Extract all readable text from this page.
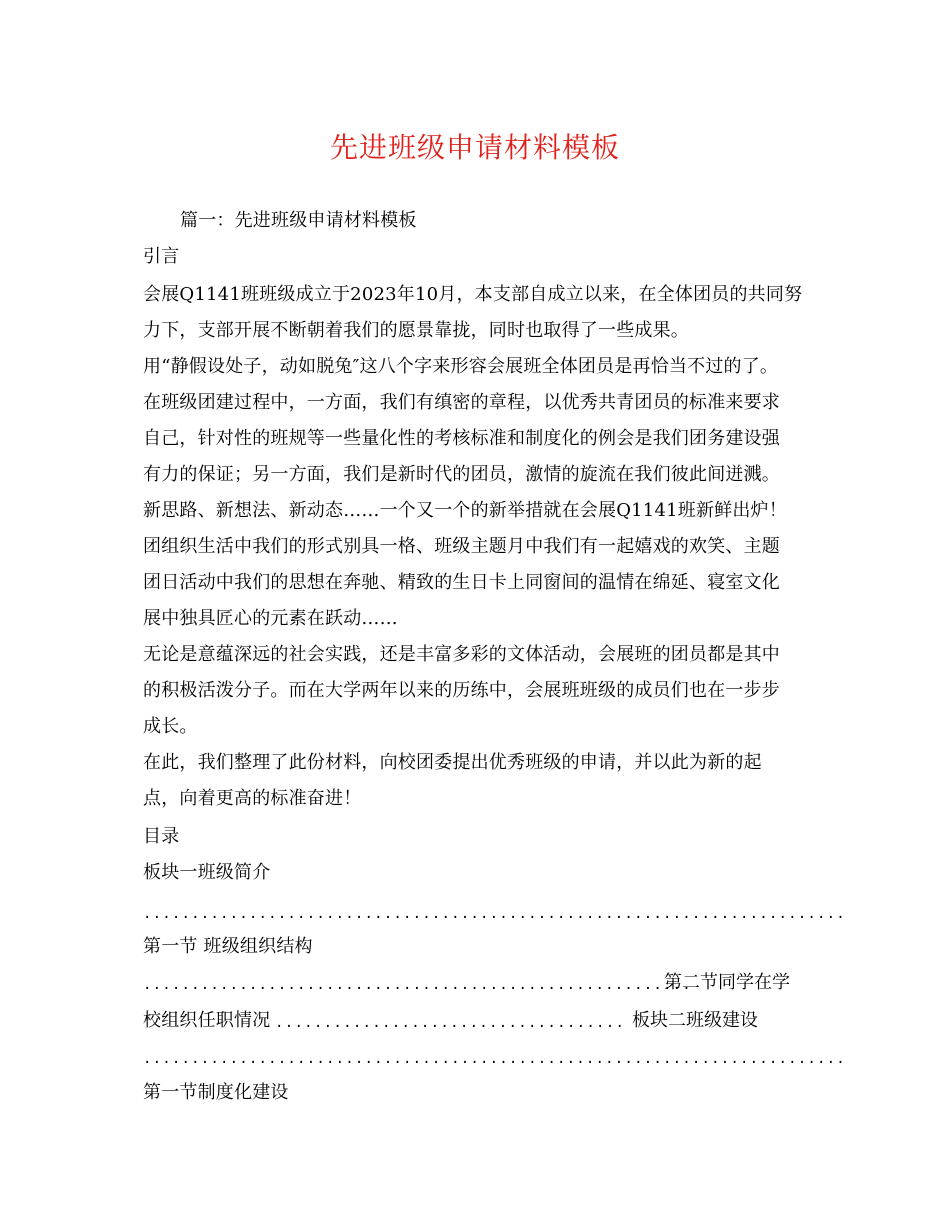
先进班级申请材料模板
篇一：先进班级申请材料模板
引言
会展Q1141班班级成立于2023年10月，本支部自成立以来，在全体团员的共同努
力下，支部开展不断朝着我们的愿景靠拢，同时也取得了一些成果。
用“静假设处子，动如脱兔″这八个字来形容会展班全体团员是再恰当不过的了。
在班级团建过程中，一方面，我们有缜密的章程，以优秀共青团员的标准来要求
自己，针对性的班规等一些量化性的考核标准和制度化的例会是我们团务建设强
有力的保证；另一方面，我们是新时代的团员，激情的旋流在我们彼此间迸溅。
新思路、新想法、新动态……一个又一个的新举措就在会展Q1141班新鲜出炉！
团组织生活中我们的形式别具一格、班级主题月中我们有一起嬉戏的欢笑、主题
团日活动中我们的思想在奔驰、精致的生日卡上同窗间的温情在绵延、寝室文化
展中独具匠心的元素在跃动……
无论是意蕴深远的社会实践，还是丰富多彩的文体活动，会展班的团员都是其中
的积极活泼分子。而在大学两年以来的历练中，会展班班级的成员们也在一步步
成长。
在此，我们整理了此份材料，向校团委提出优秀班级的申请，并以此为新的起
点，向着更高的标准奋进！
目录
板块一班级简介
.........................................................................
第一节 班级组织结构
.........................................................
第二节同学在学
校组织任职情况 .................................... 板块二班级建设
.........................................................................
第一节制度化建设
